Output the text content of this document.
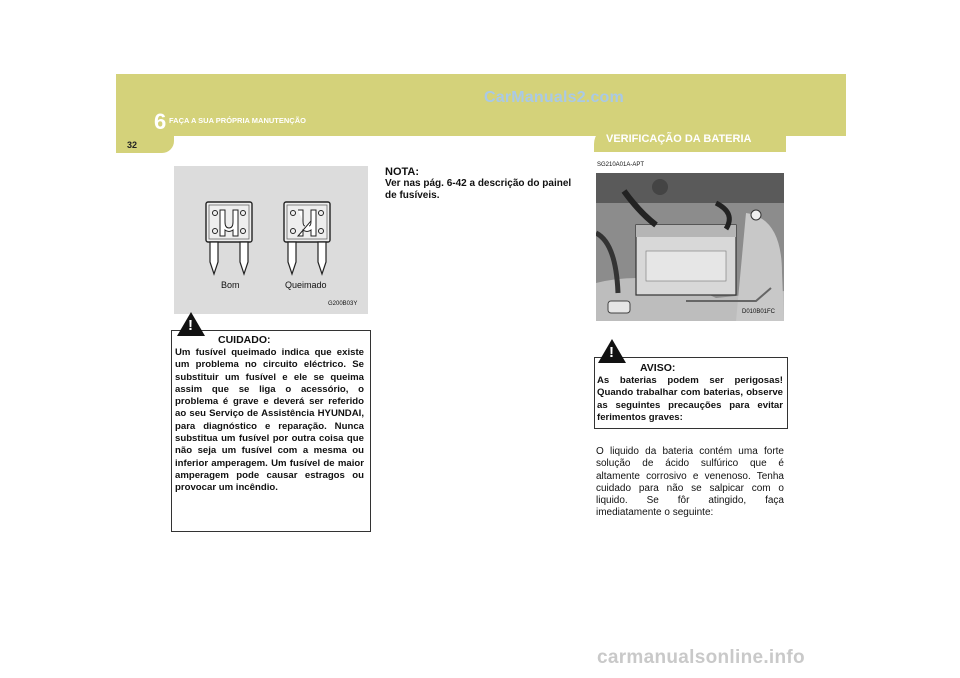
CarManuals2.com
6 FAÇA A SUA PRÓPRIA MANUTENÇÃO
32	VERIFICAÇÃO DA BATERIA
Bom	Queimado
G200B03Y
!
CUIDADO:
Um fusível queimado indica que existe um problema no circuito eléctrico. Se substituir um fusível e ele se queima assim que se liga o acessório, o problema é grave e deverá ser referido ao seu Serviço de Assistência HYUNDAI, para diagnóstico e reparação. Nunca substitua um fusível por outra coisa que não seja um fusível com a mesma ou inferior amperagem. Um fusível de maior amperagem pode causar estragos ou provocar um incêndio.
NOTA:
Ver nas pág. 6-42 a descrição do painel de fusíveis.
SG210A01A-APT
D010B01FC
!
AVISO:
As baterias podem ser perigosas! Quando trabalhar com baterias, observe as seguintes precauções para evitar ferimentos graves:
O liquido da bateria contém uma forte solução de ácido sulfúrico que é altamente corrosivo e venenoso. Tenha cuidado para não se salpicar com o liquido. Se fôr atingido, faça imediatamente o seguinte:
carmanualsonline.info
